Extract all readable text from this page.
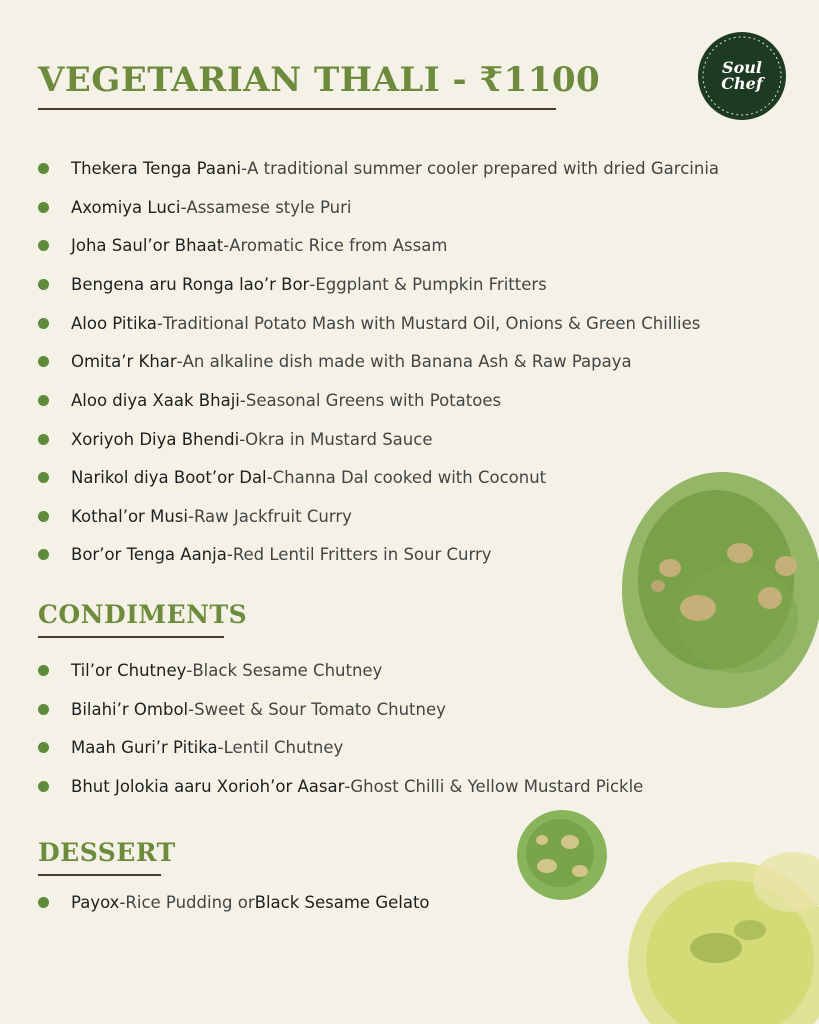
VEGETARIAN THALI - ₹1100	Soul
Chef
Thekera Tenga Paani - A traditional summer cooler prepared with dried Garcinia
Axomiya Luci - Assamese style Puri
Joha Saul’or Bhaat - Aromatic Rice from Assam
Bengena aru Ronga lao’r Bor - Eggplant & Pumpkin Fritters
Aloo Pitika - Traditional Potato Mash with Mustard Oil, Onions & Green Chillies
Omita’r Khar - An alkaline dish made with Banana Ash & Raw Papaya
Aloo diya Xaak Bhaji - Seasonal Greens with Potatoes
Xoriyoh Diya Bhendi - Okra in Mustard Sauce
Narikol diya Boot’or Dal - Channa Dal cooked with Coconut
Kothal’or Musi - Raw Jackfruit Curry
Bor’or Tenga Aanja - Red Lentil Fritters in Sour Curry
CONDIMENTS
Til’or Chutney - Black Sesame Chutney
Bilahi’r Ombol - Sweet & Sour Tomato Chutney
Maah Guri’r Pitika - Lentil Chutney
Bhut Jolokia aaru Xorioh’or Aasar - Ghost Chilli & Yellow Mustard Pickle
DESSERT
Payox - Rice Pudding or Black Sesame Gelato
